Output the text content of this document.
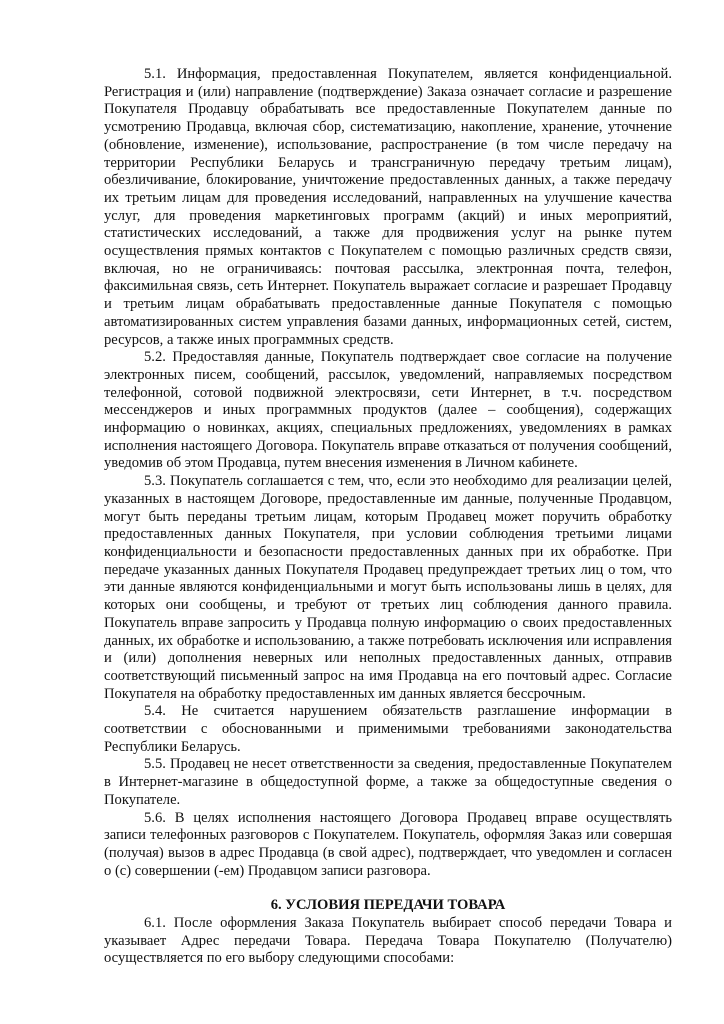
5.1. Информация, предоставленная Покупателем, является конфиденциальной. Регистрация и (или) направление (подтверждение) Заказа означает согласие и разрешение Покупателя Продавцу обрабатывать все предоставленные Покупателем данные по усмотрению Продавца, включая сбор, систематизацию, накопление, хранение, уточнение (обновление, изменение), использование, распространение (в том числе передачу на территории Республики Беларусь и трансграничную передачу третьим лицам), обезличивание, блокирование, уничтожение предоставленных данных, а также передачу их третьим лицам для проведения исследований, направленных на улучшение качества услуг, для проведения маркетинговых программ (акций) и иных мероприятий, статистических исследований, а также для продвижения услуг на рынке путем осуществления прямых контактов с Покупателем с помощью различных средств связи, включая, но не ограничиваясь: почтовая рассылка, электронная почта, телефон, факсимильная связь, сеть Интернет. Покупатель выражает согласие и разрешает Продавцу и третьим лицам обрабатывать предоставленные данные Покупателя с помощью автоматизированных систем управления базами данных, информационных сетей, систем, ресурсов, а также иных программных средств.

5.2. Предоставляя данные, Покупатель подтверждает свое согласие на получение электронных писем, сообщений, рассылок, уведомлений, направляемых посредством телефонной, сотовой подвижной электросвязи, сети Интернет, в т.ч. посредством мессенджеров и иных программных продуктов (далее – сообщения), содержащих информацию о новинках, акциях, специальных предложениях, уведомлениях в рамках исполнения настоящего Договора. Покупатель вправе отказаться от получения сообщений, уведомив об этом Продавца, путем внесения изменения в Личном кабинете.

5.3. Покупатель соглашается с тем, что, если это необходимо для реализации целей, указанных в настоящем Договоре, предоставленные им данные, полученные Продавцом, могут быть переданы третьим лицам, которым Продавец может поручить обработку предоставленных данных Покупателя, при условии соблюдения третьими лицами конфиденциальности и безопасности предоставленных данных при их обработке. При передаче указанных данных Покупателя Продавец предупреждает третьих лиц о том, что эти данные являются конфиденциальными и могут быть использованы лишь в целях, для которых они сообщены, и требуют от третьих лиц соблюдения данного правила. Покупатель вправе запросить у Продавца полную информацию о своих предоставленных данных, их обработке и использованию, а также потребовать исключения или исправления и (или) дополнения неверных или неполных предоставленных данных, отправив соответствующий письменный запрос на имя Продавца на его почтовый адрес. Согласие Покупателя на обработку предоставленных им данных является бессрочным.

5.4. Не считается нарушением обязательств разглашение информации в соответствии с обоснованными и применимыми требованиями законодательства Республики Беларусь.

5.5. Продавец не несет ответственности за сведения, предоставленные Покупателем в Интернет-магазине в общедоступной форме, а также за общедоступные сведения о Покупателе.

5.6. В целях исполнения настоящего Договора Продавец вправе осуществлять записи телефонных разговоров с Покупателем. Покупатель, оформляя Заказ или совершая (получая) вызов в адрес Продавца (в свой адрес), подтверждает, что уведомлен и согласен о (с) совершении (-ем) Продавцом записи разговора.

6. УСЛОВИЯ ПЕРЕДАЧИ ТОВАРА

6.1. После оформления Заказа Покупатель выбирает способ передачи Товара и указывает Адрес передачи Товара. Передача Товара Покупателю (Получателю) осуществляется по его выбору следующими способами:
